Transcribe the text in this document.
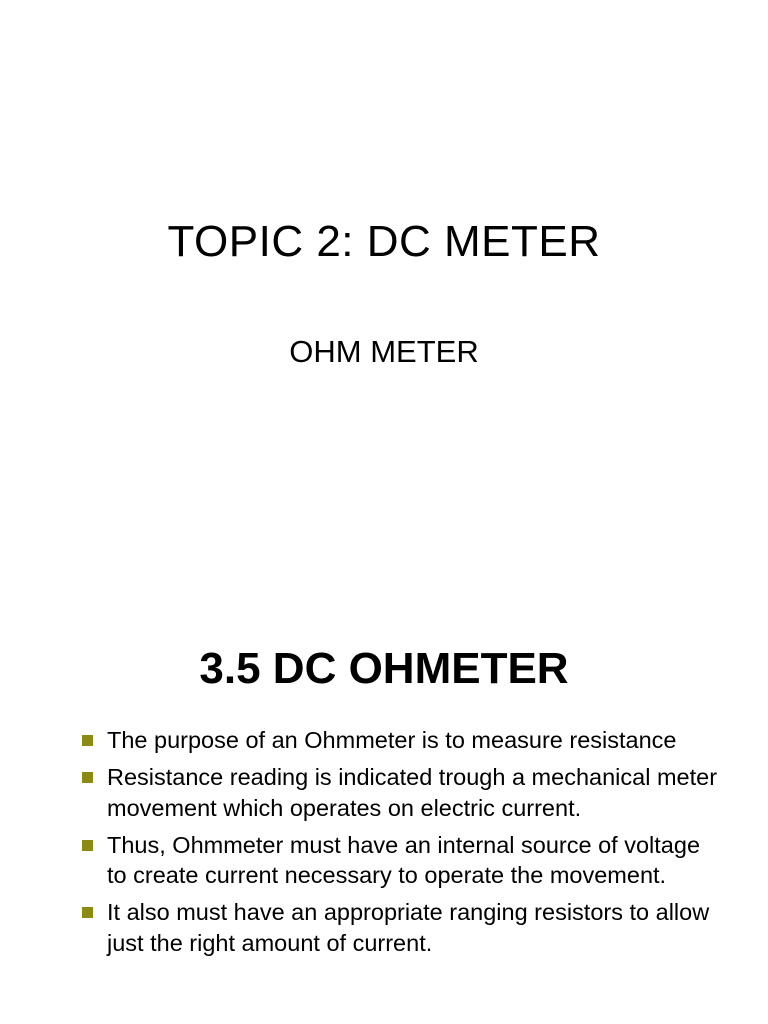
TOPIC 2: DC METER
OHM METER
3.5 DC OHMETER
The purpose of an Ohmmeter is to measure resistance
Resistance reading is indicated trough a mechanical meter movement which operates on electric current.
Thus, Ohmmeter must have an internal source of voltage to create current necessary to operate the movement.
It also must have an appropriate ranging resistors to allow just the right amount of current.
